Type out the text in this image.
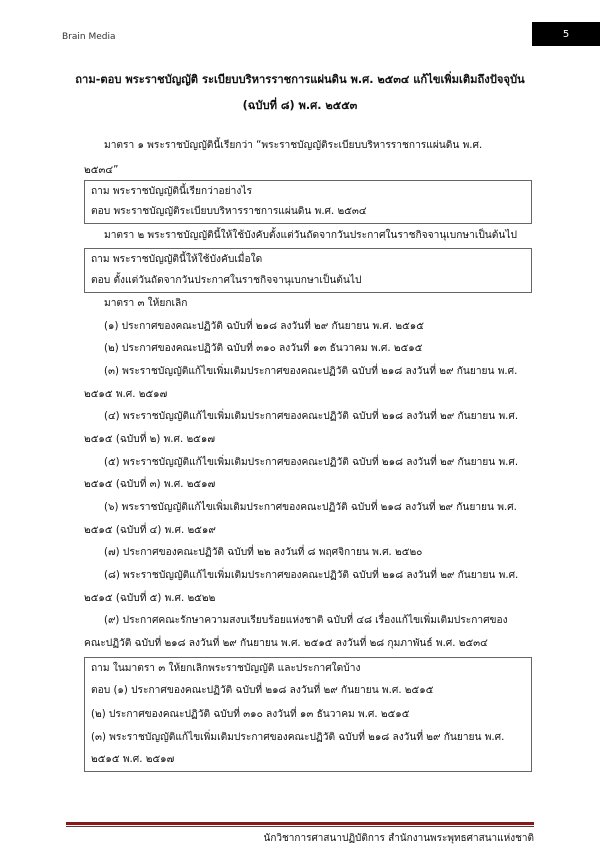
Brain Media	5
ถาม-ตอบ พระราชบัญญัติ ระเบียบบริหารราชการแผ่นดิน พ.ศ. ๒๕๓๔ แก้ไขเพิ่มเติมถึงปัจจุบัน
(ฉบับที่ ๘) พ.ศ. ๒๕๕๓
มาตรา ๑ พระราชบัญญัตินี้เรียกว่า “พระราชบัญญัติระเบียบบริหารราชการแผ่นดิน พ.ศ.
๒๕๓๔”
ถาม พระราชบัญญัตินี้เรียกว่าอย่างไร
ตอบ พระราชบัญญัติระเบียบบริหารราชการแผ่นดิน พ.ศ. ๒๕๓๔
มาตรา ๒ พระราชบัญญัตินี้ให้ใช้บังคับตั้งแต่วันถัดจากวันประกาศในราชกิจจานุเบกษาเป็นต้นไป
ถาม พระราชบัญญัตินี้ให้ใช้บังคับเมื่อใด
ตอบ ตั้งแต่วันถัดจากวันประกาศในราชกิจจานุเบกษาเป็นต้นไป
มาตรา ๓ ให้ยกเลิก
(๑) ประกาศของคณะปฏิวัติ ฉบับที่ ๒๑๘ ลงวันที่ ๒๙ กันยายน พ.ศ. ๒๕๑๕
(๒) ประกาศของคณะปฏิวัติ ฉบับที่ ๓๑๐ ลงวันที่ ๑๓ ธันวาคม พ.ศ. ๒๕๑๕
(๓) พระราชบัญญัติแก้ไขเพิ่มเติมประกาศของคณะปฏิวัติ ฉบับที่ ๒๑๘ ลงวันที่ ๒๙ กันยายน พ.ศ.
๒๕๑๕ พ.ศ. ๒๕๑๗
(๔) พระราชบัญญัติแก้ไขเพิ่มเติมประกาศของคณะปฏิวัติ ฉบับที่ ๒๑๘ ลงวันที่ ๒๙ กันยายน พ.ศ.
๒๕๑๕ (ฉบับที่ ๒) พ.ศ. ๒๕๑๗
(๕) พระราชบัญญัติแก้ไขเพิ่มเติมประกาศของคณะปฏิวัติ ฉบับที่ ๒๑๘ ลงวันที่ ๒๙ กันยายน พ.ศ.
๒๕๑๕ (ฉบับที่ ๓) พ.ศ. ๒๕๑๗
(๖) พระราชบัญญัติแก้ไขเพิ่มเติมประกาศของคณะปฏิวัติ ฉบับที่ ๒๑๘ ลงวันที่ ๒๙ กันยายน พ.ศ.
๒๕๑๕ (ฉบับที่ ๔) พ.ศ. ๒๕๑๙
(๗) ประกาศของคณะปฏิวัติ ฉบับที่ ๒๒ ลงวันที่ ๘ พฤศจิกายน พ.ศ. ๒๕๒๐
(๘) พระราชบัญญัติแก้ไขเพิ่มเติมประกาศของคณะปฏิวัติ ฉบับที่ ๒๑๘ ลงวันที่ ๒๙ กันยายน พ.ศ.
๒๕๑๕ (ฉบับที่ ๕) พ.ศ. ๒๕๒๒
(๙) ประกาศคณะรักษาความสงบเรียบร้อยแห่งชาติ ฉบับที่ ๔๘ เรื่องแก้ไขเพิ่มเติมประกาศของ
คณะปฏิวัติ ฉบับที่ ๒๑๘ ลงวันที่ ๒๙ กันยายน พ.ศ. ๒๕๑๕ ลงวันที่ ๒๘ กุมภาพันธ์ พ.ศ. ๒๕๓๔
ถาม ในมาตรา ๓ ให้ยกเลิกพระราชบัญญัติ และประกาศใดบ้าง
ตอบ (๑) ประกาศของคณะปฏิวัติ ฉบับที่ ๒๑๘ ลงวันที่ ๒๙ กันยายน พ.ศ. ๒๕๑๕
(๒) ประกาศของคณะปฏิวัติ ฉบับที่ ๓๑๐ ลงวันที่ ๑๓ ธันวาคม พ.ศ. ๒๕๑๕
(๓) พระราชบัญญัติแก้ไขเพิ่มเติมประกาศของคณะปฏิวัติ ฉบับที่ ๒๑๘ ลงวันที่ ๒๙ กันยายน พ.ศ.
๒๕๑๕ พ.ศ. ๒๕๑๗
นักวิชาการศาสนาปฏิบัติการ สำนักงานพระพุทธศาสนาแห่งชาติ
